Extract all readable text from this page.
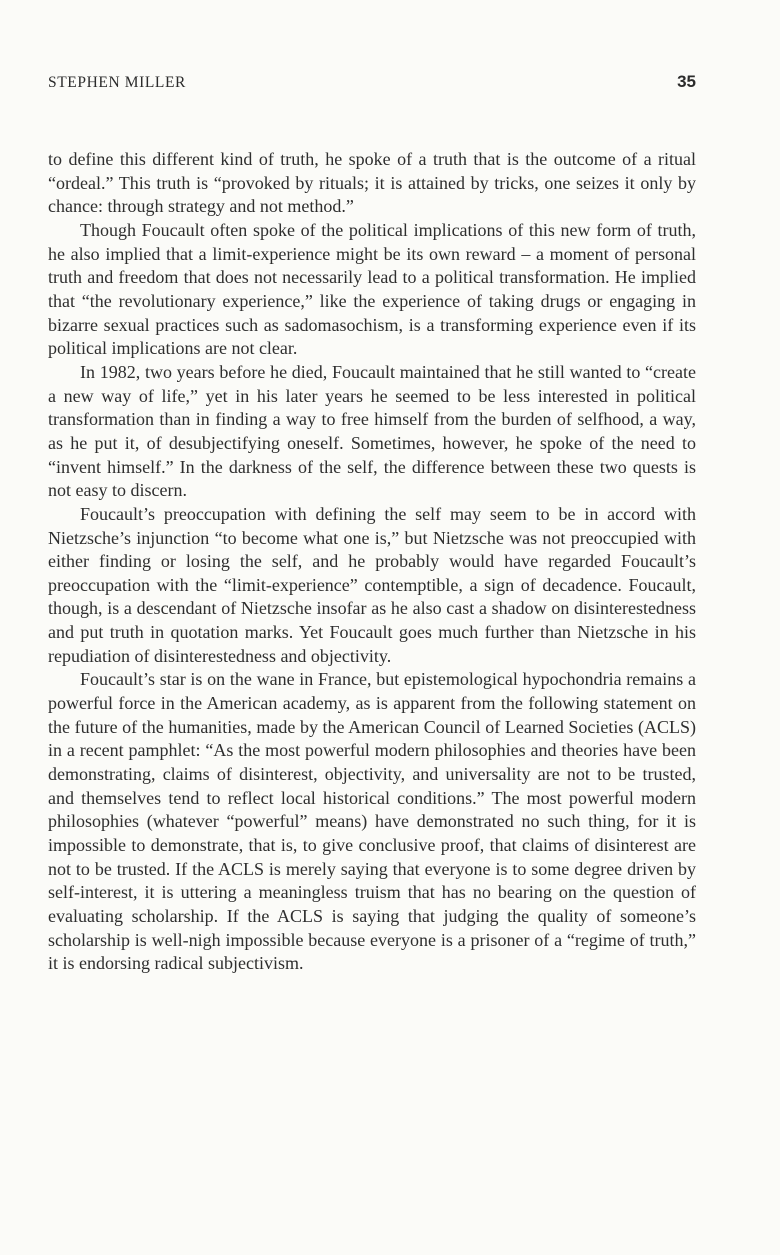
STEPHEN MILLER	35

to define this different kind of truth, he spoke of a truth that is the outcome of a ritual “ordeal.” This truth is “provoked by rituals; it is attained by tricks, one seizes it only by chance: through strategy and not method.”

Though Foucault often spoke of the political implications of this new form of truth, he also implied that a limit-experience might be its own reward – a moment of personal truth and freedom that does not necessarily lead to a political transformation. He implied that “the revolutionary experience,” like the experience of taking drugs or engaging in bizarre sexual practices such as sadomasochism, is a transforming experience even if its political implications are not clear.

In 1982, two years before he died, Foucault maintained that he still wanted to “create a new way of life,” yet in his later years he seemed to be less interested in political transformation than in finding a way to free himself from the burden of selfhood, a way, as he put it, of desubjectifying oneself. Sometimes, however, he spoke of the need to “invent himself.” In the darkness of the self, the difference between these two quests is not easy to discern.

Foucault’s preoccupation with defining the self may seem to be in accord with Nietzsche’s injunction “to become what one is,” but Nietzsche was not preoccupied with either finding or losing the self, and he probably would have regarded Foucault’s preoccupation with the “limit-experience” contemptible, a sign of decadence. Foucault, though, is a descendant of Nietzsche insofar as he also cast a shadow on disinterestedness and put truth in quotation marks. Yet Foucault goes much further than Nietzsche in his repudiation of disinterestedness and objectivity.

Foucault’s star is on the wane in France, but epistemological hypochondria remains a powerful force in the American academy, as is apparent from the following statement on the future of the humanities, made by the American Council of Learned Societies (ACLS) in a recent pamphlet: “As the most powerful modern philosophies and theories have been demonstrating, claims of disinterest, objectivity, and universality are not to be trusted, and themselves tend to reflect local historical conditions.” The most powerful modern philosophies (whatever “powerful” means) have demonstrated no such thing, for it is impossible to demonstrate, that is, to give conclusive proof, that claims of disinterest are not to be trusted. If the ACLS is merely saying that everyone is to some degree driven by self-interest, it is uttering a meaningless truism that has no bearing on the question of evaluating scholarship. If the ACLS is saying that judging the quality of someone’s scholarship is well-nigh impossible because everyone is a prisoner of a “regime of truth,” it is endorsing radical subjectivism.
